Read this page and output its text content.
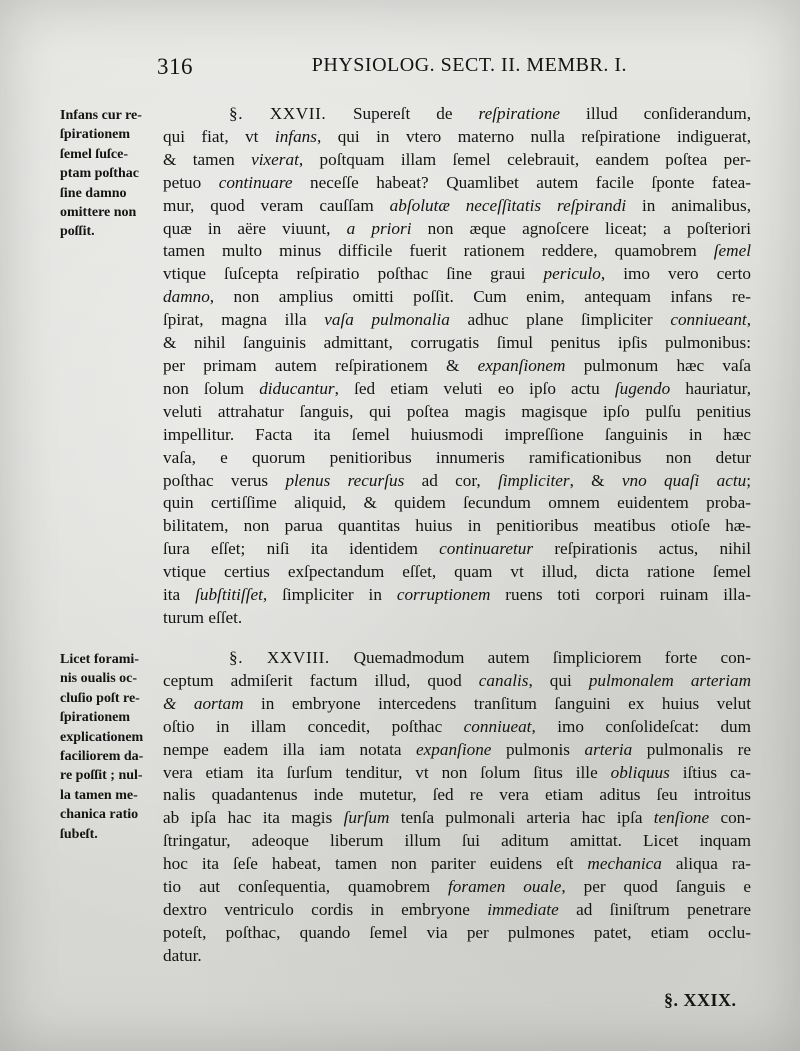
316	PHYSIOLOG. SECT. II. MEMBR. I.
Infans cur re-
ſpirationem
ſemel ſuſce-
ptam poſthac
ſine damno
omittere non
poſſit.
Licet forami-
nis oualis oc-
cluſio poſt re-
ſpirationem
explicationem
faciliorem da-
re poſſit ; nul-
la tamen me-
chanica ratio
ſubeſt.
§. XXVII. Supereſt de reſpiratione illud conſiderandum,
qui fiat, vt infans, qui in vtero materno nulla reſpiratione indiguerat,
& tamen vixerat, poſtquam illam ſemel celebrauit, eandem poſtea per-
petuo continuare neceſſe habeat? Quamlibet autem facile ſponte fatea-
mur, quod veram cauſſam abſolutæ neceſſitatis reſpirandi in animalibus,
quæ in aëre viuunt, a priori non æque agnoſcere liceat; a poſteriori
tamen multo minus difficile fuerit rationem reddere, quamobrem ſemel
vtique ſuſcepta reſpiratio poſthac ſine graui periculo, imo vero certo
damno, non amplius omitti poſſit. Cum enim, antequam infans re-
ſpirat, magna illa vaſa pulmonalia adhuc plane ſimpliciter conniueant,
& nihil ſanguinis admittant, corrugatis ſimul penitus ipſis pulmonibus:
per primam autem reſpirationem & expanſionem pulmonum hæc vaſa
non ſolum diducantur, ſed etiam veluti eo ipſo actu ſugendo hauriatur,
veluti attrahatur ſanguis, qui poſtea magis magisque ipſo pulſu penitius
impellitur. Facta ita ſemel huiusmodi impreſſione ſanguinis in hæc
vaſa, e quorum penitioribus innumeris ramificationibus non detur
poſthac verus plenus recurſus ad cor, ſimpliciter, & vno quaſi actu;
quin certiſſime aliquid, & quidem ſecundum omnem euidentem proba-
bilitatem, non parua quantitas huius in penitioribus meatibus otioſe hæ-
ſura eſſet; niſi ita identidem continuaretur reſpirationis actus, nihil
vtique certius exſpectandum eſſet, quam vt illud, dicta ratione ſemel
ita ſubſtitiſſet, ſimpliciter in corruptionem ruens toti corpori ruinam illa-
turum eſſet.
§. XXVIII. Quemadmodum autem ſimpliciorem forte con-
ceptum admiſerit factum illud, quod canalis, qui pulmonalem arteriam
& aortam in embryone intercedens tranſitum ſanguini ex huius velut
oſtio in illam concedit, poſthac conniueat, imo conſolideſcat: dum
nempe eadem illa iam notata expanſione pulmonis arteria pulmonalis re
vera etiam ita ſurſum tenditur, vt non ſolum ſitus ille obliquus iſtius ca-
nalis quadantenus inde mutetur, ſed re vera etiam aditus ſeu introitus
ab ipſa hac ita magis ſurſum tenſa pulmonali arteria hac ipſa tenſione con-
ſtringatur, adeoque liberum illum ſui aditum amittat. Licet inquam
hoc ita ſeſe habeat, tamen non pariter euidens eſt mechanica aliqua ra-
tio aut conſequentia, quamobrem foramen ouale, per quod ſanguis e
dextro ventriculo cordis in embryone immediate ad ſiniſtrum penetrare
poteſt, poſthac, quando ſemel via per pulmones patet, etiam occlu-
datur.
§. XXIX.
